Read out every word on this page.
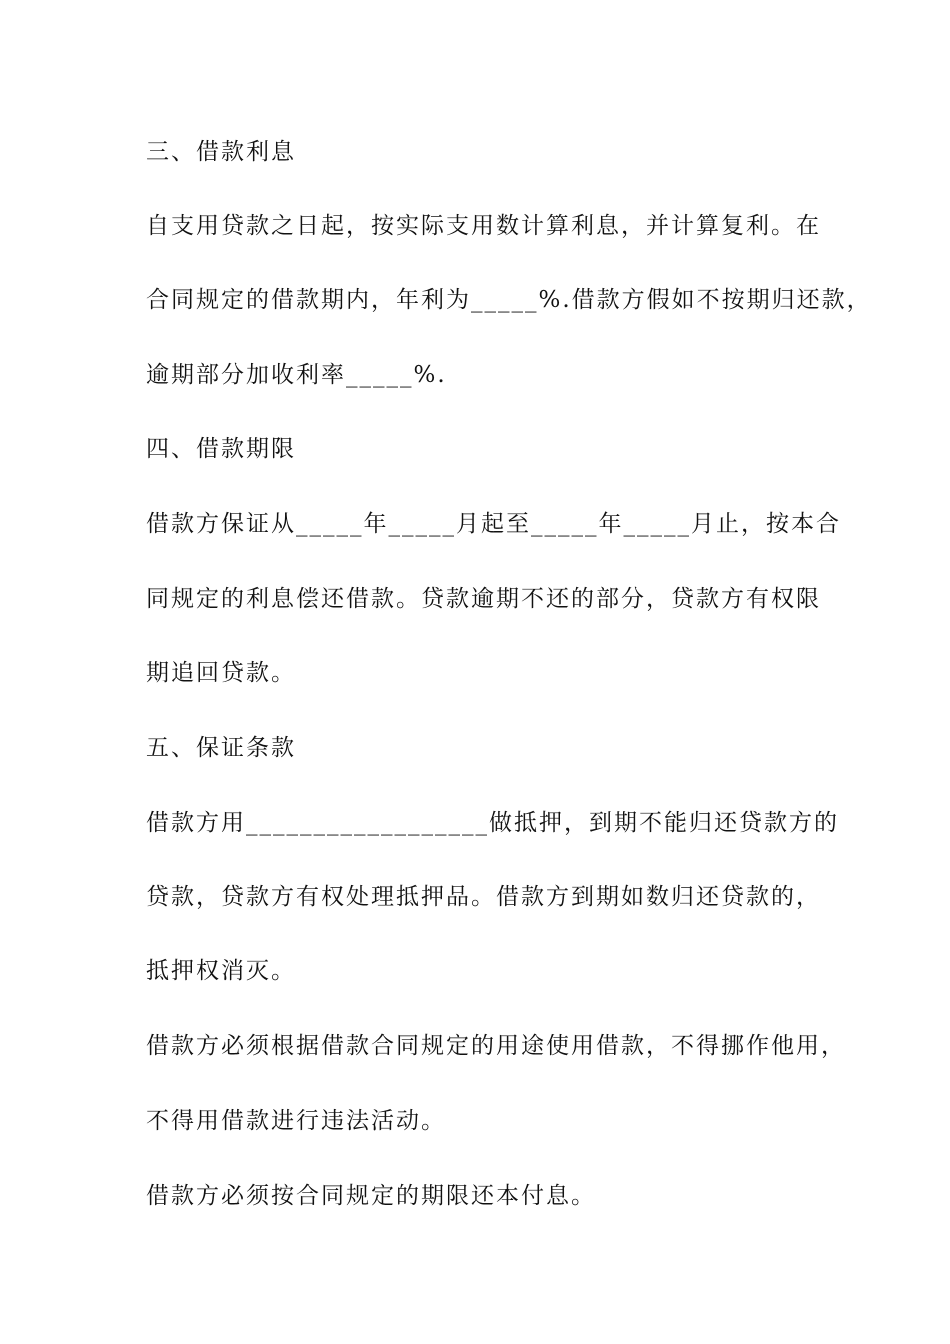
三、借款利息
自支用贷款之日起，按实际支用数计算利息，并计算复利。在
合同规定的借款期内，年利为_____%.借款方假如不按期归还款，
逾期部分加收利率_____%.
四、借款期限
借款方保证从_____年_____月起至_____年_____月止，按本合
同规定的利息偿还借款。贷款逾期不还的部分，贷款方有权限
期追回贷款。
五、保证条款
借款方用__________________做抵押，到期不能归还贷款方的
贷款，贷款方有权处理抵押品。借款方到期如数归还贷款的，
抵押权消灭。
借款方必须根据借款合同规定的用途使用借款，不得挪作他用，
不得用借款进行违法活动。
借款方必须按合同规定的期限还本付息。
